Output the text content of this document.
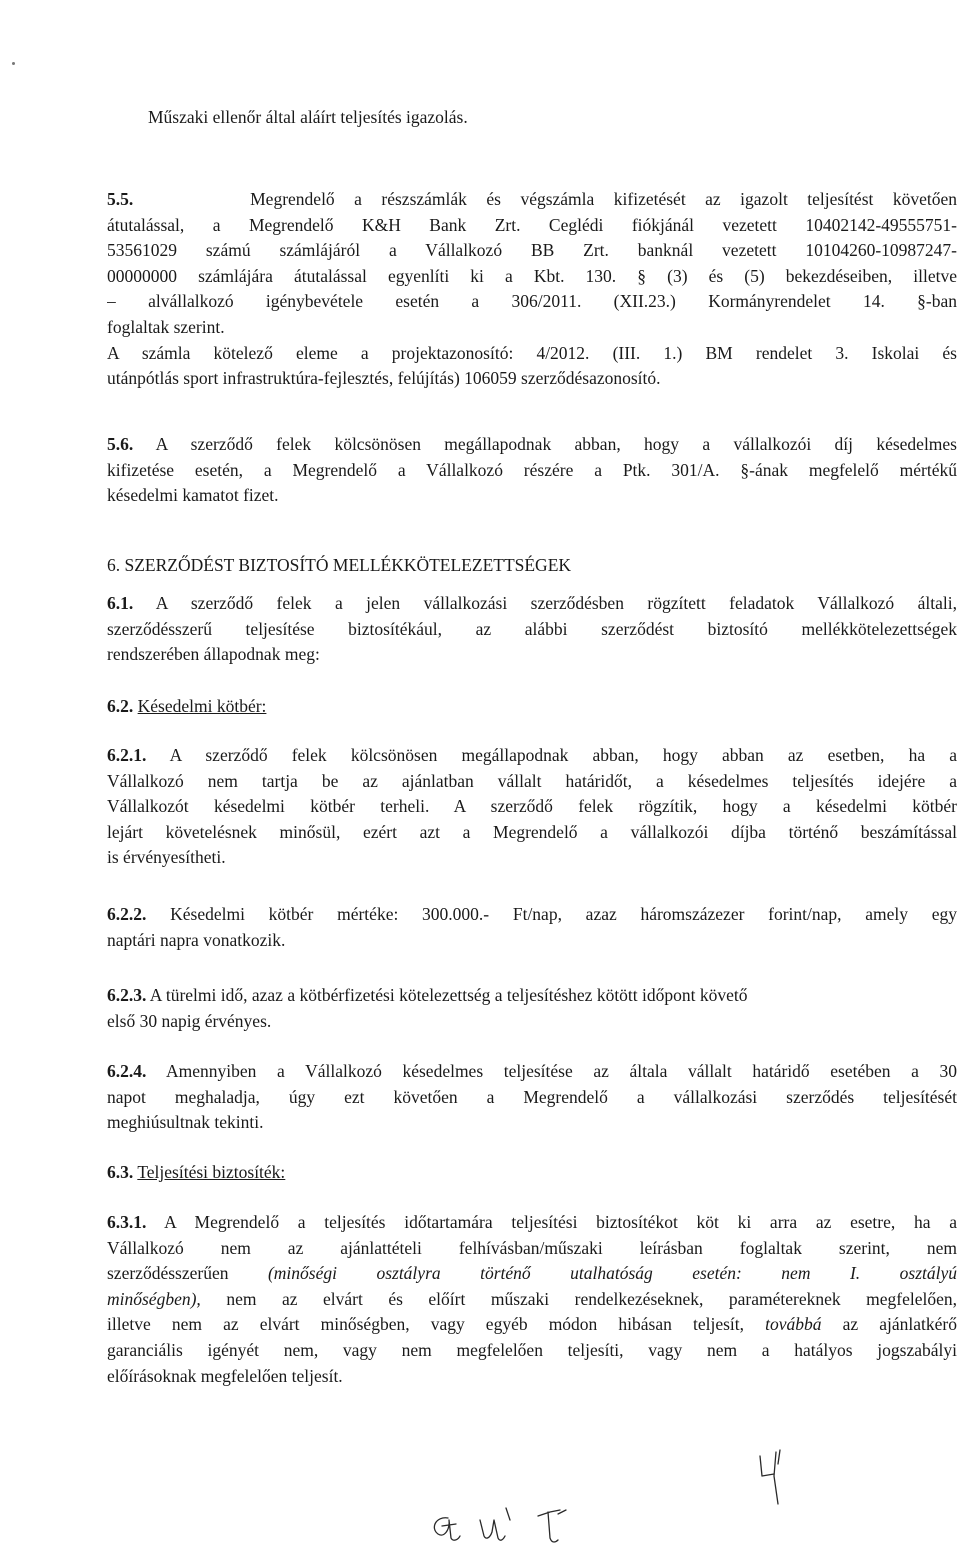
Műszaki ellenőr által aláírt teljesítés igazolás.
5.5.	Megrendelő a részszámlák és végszámla kifizetését az igazolt teljesítést követően
átutalással, a Megrendelő K&H Bank Zrt. Ceglédi fiókjánál vezetett 10402142-49555751-
53561029 számú számlájáról a Vállalkozó BB Zrt. banknál vezetett 10104260-10987247-
00000000 számlájára átutalással egyenlíti ki a Kbt. 130. § (3) és (5) bekezdéseiben, illetve
– alvállalkozó igénybevétele esetén a 306/2011. (XII.23.) Kormányrendelet 14. §-ban
foglaltak szerint.
A számla kötelező eleme a projektazonosító: 4/2012. (III. 1.) BM rendelet 3. Iskolai és
utánpótlás sport infrastruktúra-fejlesztés, felújítás) 106059 szerződésazonosító.
5.6. A szerződő felek kölcsönösen megállapodnak abban, hogy a vállalkozói díj késedelmes
kifizetése esetén, a Megrendelő a Vállalkozó részére a Ptk. 301/A. §-ának megfelelő mértékű
késedelmi kamatot fizet.
6. SZERZŐDÉST BIZTOSÍTÓ MELLÉKKÖTELEZETTSÉGEK
6.1. A szerződő felek a jelen vállalkozási szerződésben rögzített feladatok Vállalkozó általi,
szerződésszerű teljesítése biztosítékául, az alábbi szerződést biztosító mellékkötelezettségek
rendszerében állapodnak meg:
6.2. Késedelmi kötbér:
6.2.1. A szerződő felek kölcsönösen megállapodnak abban, hogy abban az esetben, ha a
Vállalkozó nem tartja be az ajánlatban vállalt határidőt, a késedelmes teljesítés idejére a
Vállalkozót késedelmi kötbér terheli. A szerződő felek rögzítik, hogy a késedelmi kötbér
lejárt követelésnek minősül, ezért azt a Megrendelő a vállalkozói díjba történő beszámítással
is érvényesítheti.
6.2.2. Késedelmi kötbér mértéke: 300.000.- Ft/nap, azaz háromszázezer forint/nap, amely egy
naptári napra vonatkozik.
6.2.3. A türelmi idő, azaz a kötbérfizetési kötelezettség a teljesítéshez kötött időpont követő
első 30 napig érvényes.
6.2.4. Amennyiben a Vállalkozó késedelmes teljesítése az általa vállalt határidő esetében a 30
napot meghaladja, úgy ezt követően a Megrendelő a vállalkozási szerződés teljesítését
meghiúsultnak tekinti.
6.3. Teljesítési biztosíték:
6.3.1. A Megrendelő a teljesítés időtartamára teljesítési biztosítékot köt ki arra az esetre, ha a
Vállalkozó nem az ajánlattételi felhívásban/műszaki leírásban foglaltak szerint, nem
szerződésszerűen (minőségi osztályra történő utalhatóság esetén: nem I. osztályú
minőségben), nem az elvárt és előírt műszaki rendelkezéseknek, paramétereknek megfelelően,
illetve nem az elvárt minőségben, vagy egyéb módon hibásan teljesít, továbbá az ajánlatkérő
garanciális igényét nem, vagy nem megfelelően teljesíti, vagy nem a hatályos jogszabályi
előírásoknak megfelelően teljesít.
